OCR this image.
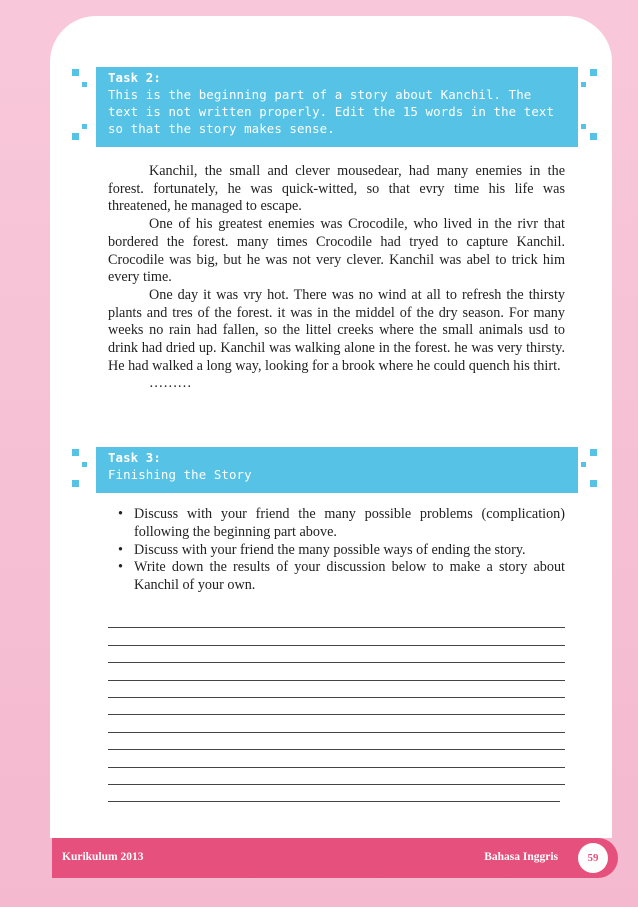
Task 2:
This is the beginning part of a story about Kanchil. The text is not written properly. Edit the 15 words in the text so that the story makes sense.

Kanchil, the small and clever mousedear, had many enemies in the forest. fortunately, he was quick-witted, so that evry time his life was threatened, he managed to escape.

One of his greatest enemies was Crocodile, who lived in the rivr that bordered the forest. many times Crocodile had tryed to capture Kanchil. Crocodile was big, but he was not very clever. Kanchil was abel to trick him every time.

One day it was vry hot. There was no wind at all to refresh the thirsty plants and tres of the forest. it was in the middel of the dry season. For many weeks no rain had fallen, so the littel creeks where the small animals usd to drink had dried up. Kanchil was walking alone in the forest. he was very thirsty. He had walked a long way, looking for a brook where he could quench his thirt.

………

Task 3:
Finishing the Story
• Discuss with your friend the many possible problems (complication) following the beginning part above.
• Discuss with your friend the many possible ways of ending the story.
• Write down the results of your discussion below to make a story about Kanchil of your own.
Kurikulum 2013	Bahasa Inggris	59
